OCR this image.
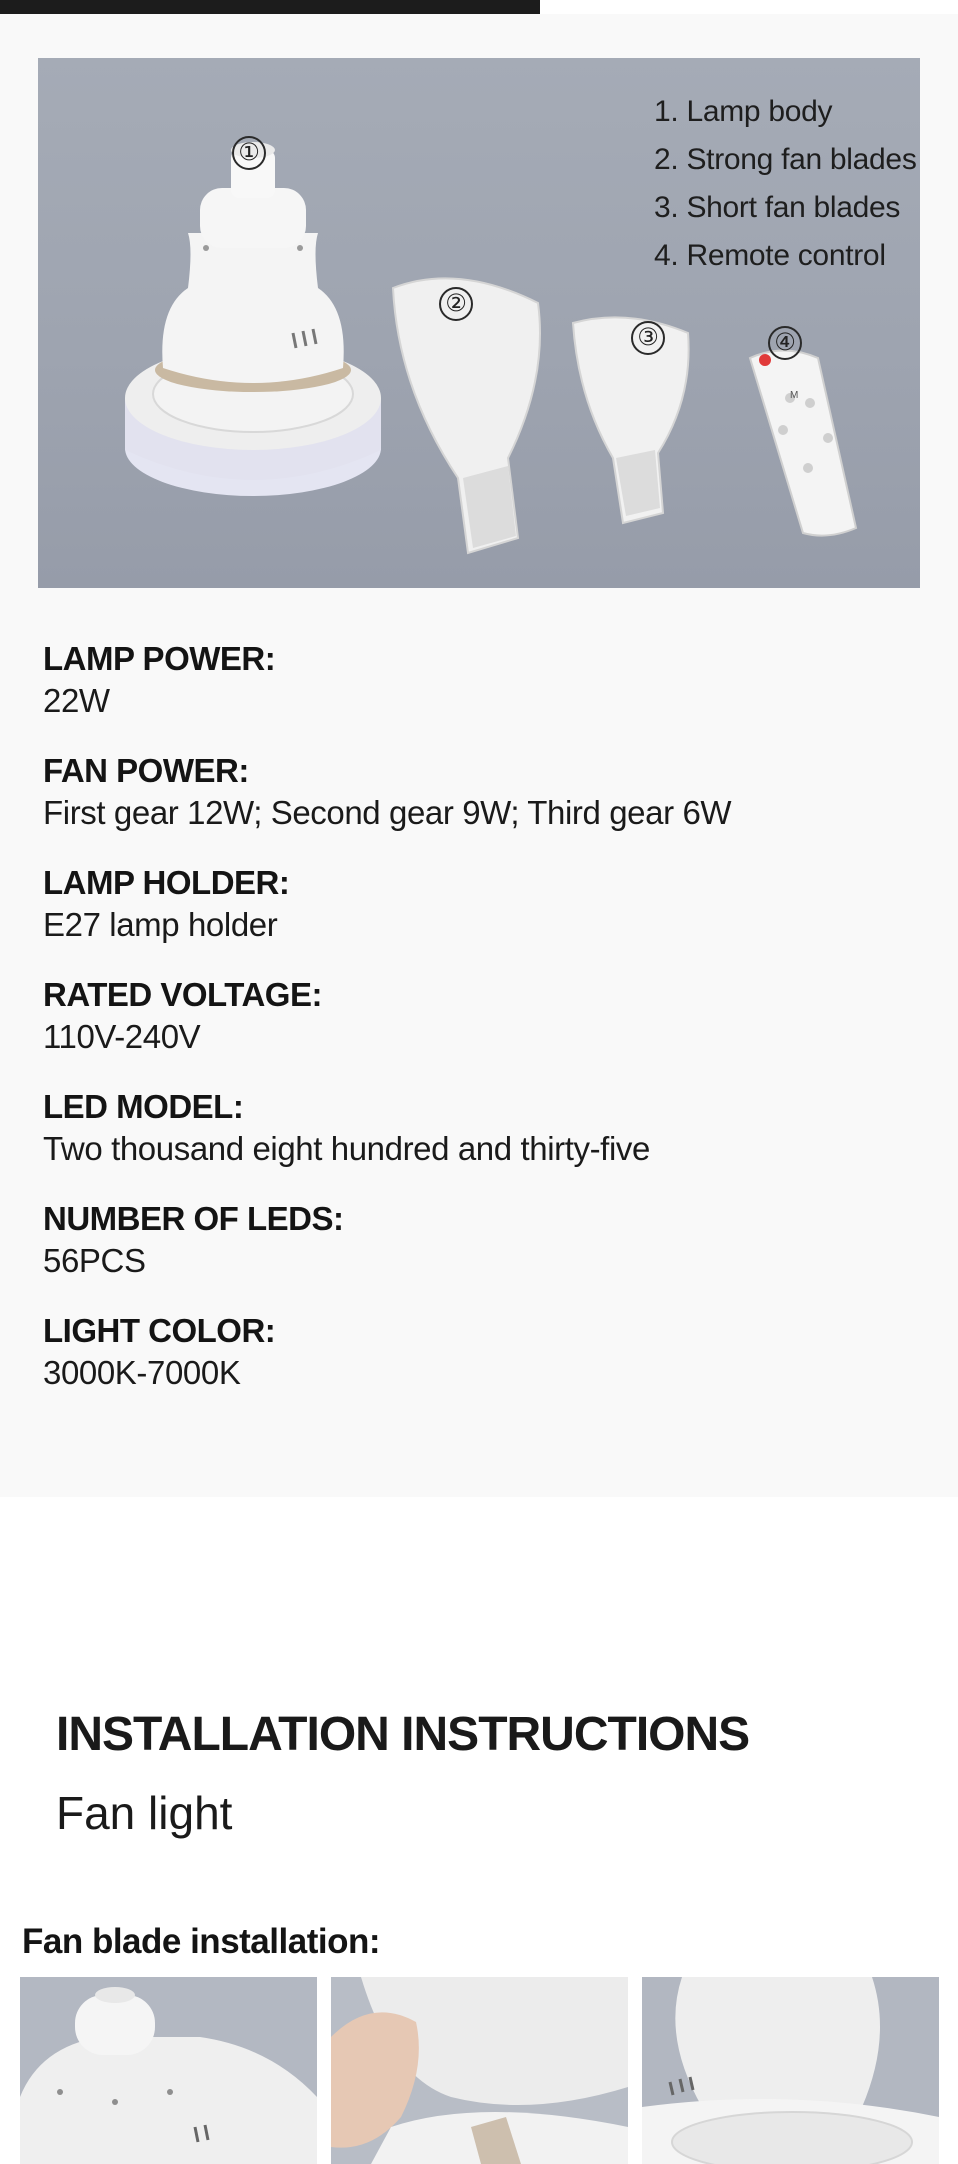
M
①
②
③	④
1. Lamp body
2. Strong fan blades
3. Short fan blades
4. Remote control
LAMP POWER:
22W
FAN POWER:
First gear 12W; Second gear 9W; Third gear 6W
LAMP HOLDER:
E27 lamp holder
RATED VOLTAGE:
110V-240V
LED MODEL:
Two thousand eight hundred and thirty-five
NUMBER OF LEDS:
56PCS
LIGHT COLOR:
3000K-7000K
INSTALLATION INSTRUCTIONS
Fan light
Fan blade installation:
